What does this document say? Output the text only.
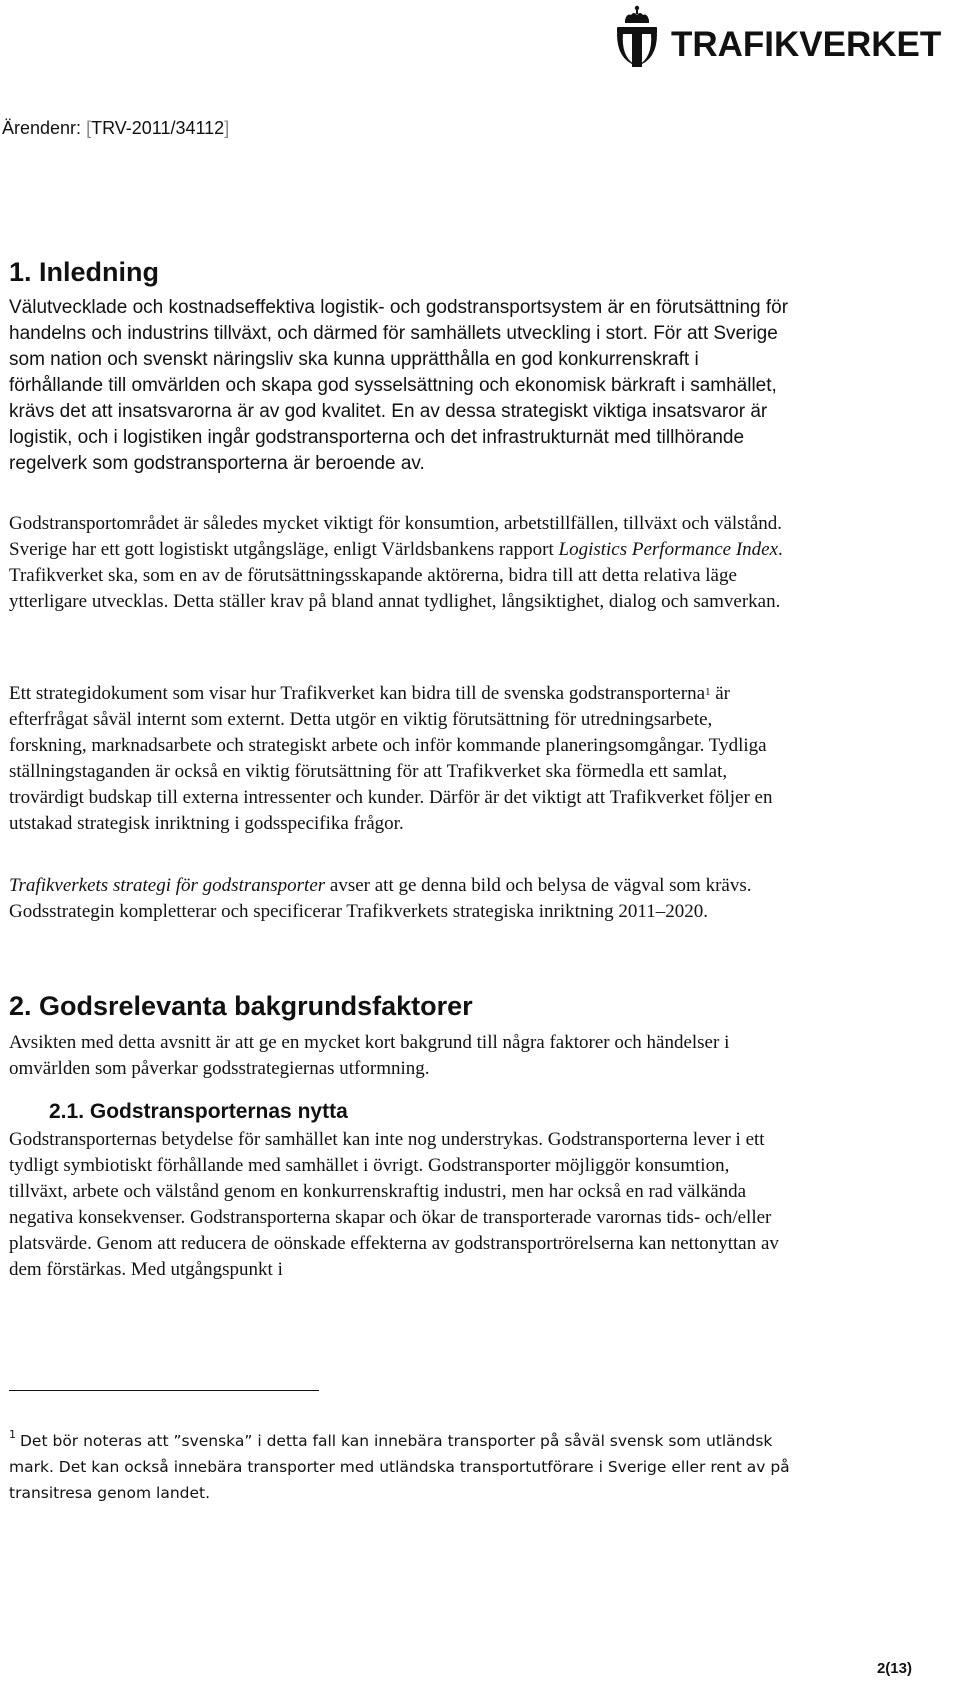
TRAFIKVERKET
Ärendenr: [TRV-2011/34112]
1. Inledning

Välutvecklade och kostnadseffektiva logistik- och godstransportsystem är en förutsättning för handelns och industrins tillväxt, och därmed för samhällets utveckling i stort. För att Sverige som nation och svenskt näringsliv ska kunna upprätthålla en god konkurrenskraft i förhållande till omvärlden och skapa god sysselsättning och ekonomisk bärkraft i samhället, krävs det att insatsvarorna är av god kvalitet. En av dessa strategiskt viktiga insatsvaror är logistik, och i logistiken ingår godstransporterna och det infrastrukturnät med tillhörande regelverk som godstransporterna är beroende av.

Godstransportområdet är således mycket viktigt för konsumtion, arbetstillfällen, tillväxt och välstånd. Sverige har ett gott logistiskt utgångsläge, enligt Världsbankens rapport Logistics Performance Index. Trafikverket ska, som en av de förutsättningsskapande aktörerna, bidra till att detta relativa läge ytterligare utvecklas. Detta ställer krav på bland annat tydlighet, långsiktighet, dialog och samverkan.

Ett strategidokument som visar hur Trafikverket kan bidra till de svenska godstransporterna$^1$ är efterfrågat såväl internt som externt. Detta utgör en viktig förutsättning för utredningsarbete, forskning, marknadsarbete och strategiskt arbete och inför kommande planeringsomgångar. Tydliga ställningstaganden är också en viktig förutsättning för att Trafikverket ska förmedla ett samlat, trovärdigt budskap till externa intressenter och kunder. Därför är det viktigt att Trafikverket följer en utstakad strategisk inriktning i godsspecifika frågor.

Trafikverkets strategi för godstransporter avser att ge denna bild och belysa de vägval som krävs. Godsstrategin kompletterar och specificerar Trafikverkets strategiska inriktning 2011–2020.

2. Godsrelevanta bakgrundsfaktorer

Avsikten med detta avsnitt är att ge en mycket kort bakgrund till några faktorer och händelser i omvärlden som påverkar godsstrategiernas utformning.

2.1. Godstransporternas nytta

Godstransporternas betydelse för samhället kan inte nog understrykas. Godstransporterna lever i ett tydligt symbiotiskt förhållande med samhället i övrigt. Godstransporter möjliggör konsumtion, tillväxt, arbete och välstånd genom en konkurrenskraftig industri, men har också en rad välkända negativa konsekvenser. Godstransporterna skapar och ökar de transporterade varornas tids- och/eller platsvärde. Genom att reducera de oönskade effekterna av godstransportrörelserna kan nettonyttan av dem förstärkas. Med utgångspunkt i

$^1$ Det bör noteras att ”svenska” i detta fall kan innebära transporter på såväl svensk som utländsk mark. Det kan också innebära transporter med utländska transportutförare i Sverige eller rent av på transitresa genom landet.
2(13)
